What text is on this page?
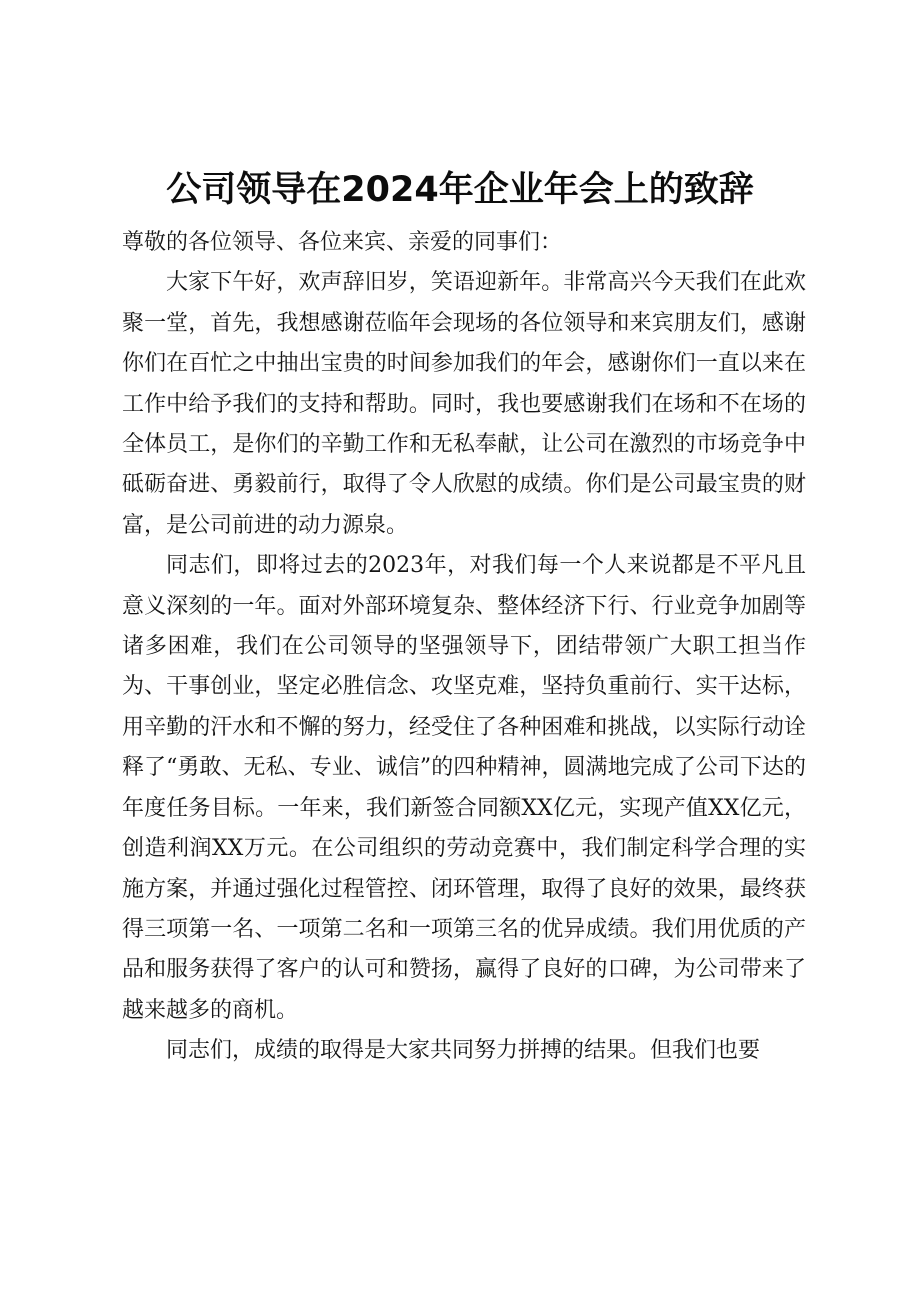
公司领导在2024年企业年会上的致辞

尊敬的各位领导、各位来宾、亲爱的同事们：

大家下午好，欢声辞旧岁，笑语迎新年。非常高兴今天我们在此欢聚一堂，首先，我想感谢莅临年会现场的各位领导和来宾朋友们，感谢你们在百忙之中抽出宝贵的时间参加我们的年会，感谢你们一直以来在工作中给予我们的支持和帮助。同时，我也要感谢我们在场和不在场的全体员工，是你们的辛勤工作和无私奉献，让公司在激烈的市场竞争中砥砺奋进、勇毅前行，取得了令人欣慰的成绩。你们是公司最宝贵的财富，是公司前进的动力源泉。

同志们，即将过去的2023年，对我们每一个人来说都是不平凡且意义深刻的一年。面对外部环境复杂、整体经济下行、行业竞争加剧等诸多困难，我们在公司领导的坚强领导下，团结带领广大职工担当作为、干事创业，坚定必胜信念、攻坚克难，坚持负重前行、实干达标，用辛勤的汗水和不懈的努力，经受住了各种困难和挑战，以实际行动诠释了“勇敢、无私、专业、诚信”的四种精神，圆满地完成了公司下达的年度任务目标。一年来，我们新签合同额XX亿元，实现产值XX亿元，创造利润XX万元。在公司组织的劳动竞赛中，我们制定科学合理的实施方案，并通过强化过程管控、闭环管理，取得了良好的效果，最终获得三项第一名、一项第二名和一项第三名的优异成绩。我们用优质的产品和服务获得了客户的认可和赞扬，赢得了良好的口碑，为公司带来了越来越多的商机。

同志们，成绩的取得是大家共同努力拼搏的结果。但我们也要
